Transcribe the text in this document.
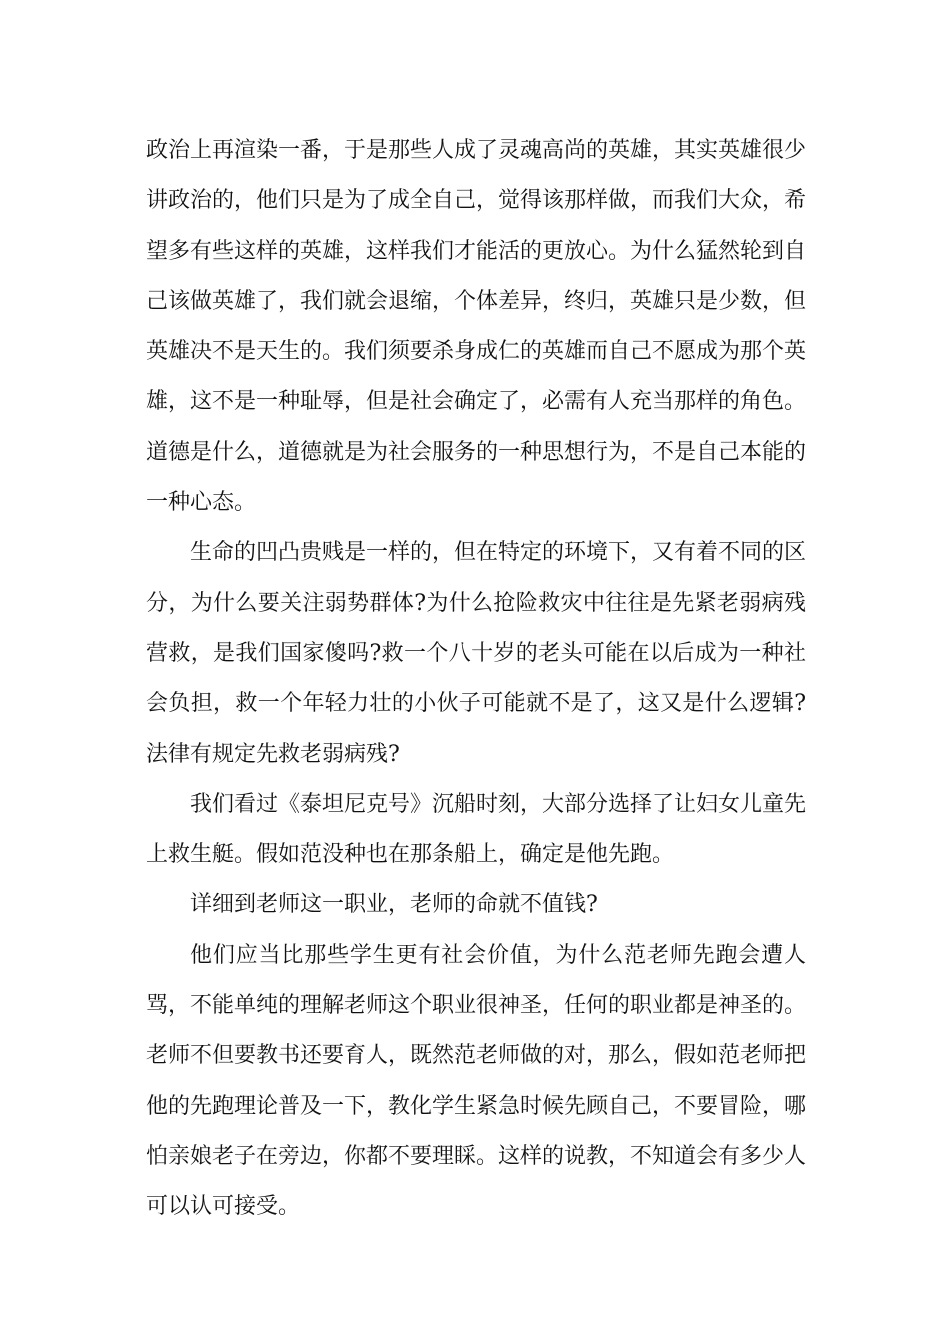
政治上再渲染一番，于是那些人成了灵魂高尚的英雄，其实英雄很少讲政治的，他们只是为了成全自己，觉得该那样做，而我们大众，希望多有些这样的英雄，这样我们才能活的更放心。为什么猛然轮到自己该做英雄了，我们就会退缩，个体差异，终归，英雄只是少数，但英雄决不是天生的。我们须要杀身成仁的英雄而自己不愿成为那个英雄，这不是一种耻辱，但是社会确定了，必需有人充当那样的角色。道德是什么，道德就是为社会服务的一种思想行为，不是自己本能的一种心态。

生命的凹凸贵贱是一样的，但在特定的环境下，又有着不同的区分，为什么要关注弱势群体?为什么抢险救灾中往往是先紧老弱病残营救，是我们国家傻吗?救一个八十岁的老头可能在以后成为一种社会负担，救一个年轻力壮的小伙子可能就不是了，这又是什么逻辑?法律有规定先救老弱病残?

我们看过《泰坦尼克号》沉船时刻，大部分选择了让妇女儿童先上救生艇。假如范没种也在那条船上，确定是他先跑。

详细到老师这一职业，老师的命就不值钱?

他们应当比那些学生更有社会价值，为什么范老师先跑会遭人骂，不能单纯的理解老师这个职业很神圣，任何的职业都是神圣的。老师不但要教书还要育人，既然范老师做的对，那么，假如范老师把他的先跑理论普及一下，教化学生紧急时候先顾自己，不要冒险，哪怕亲娘老子在旁边，你都不要理睬。这样的说教，不知道会有多少人可以认可接受。
